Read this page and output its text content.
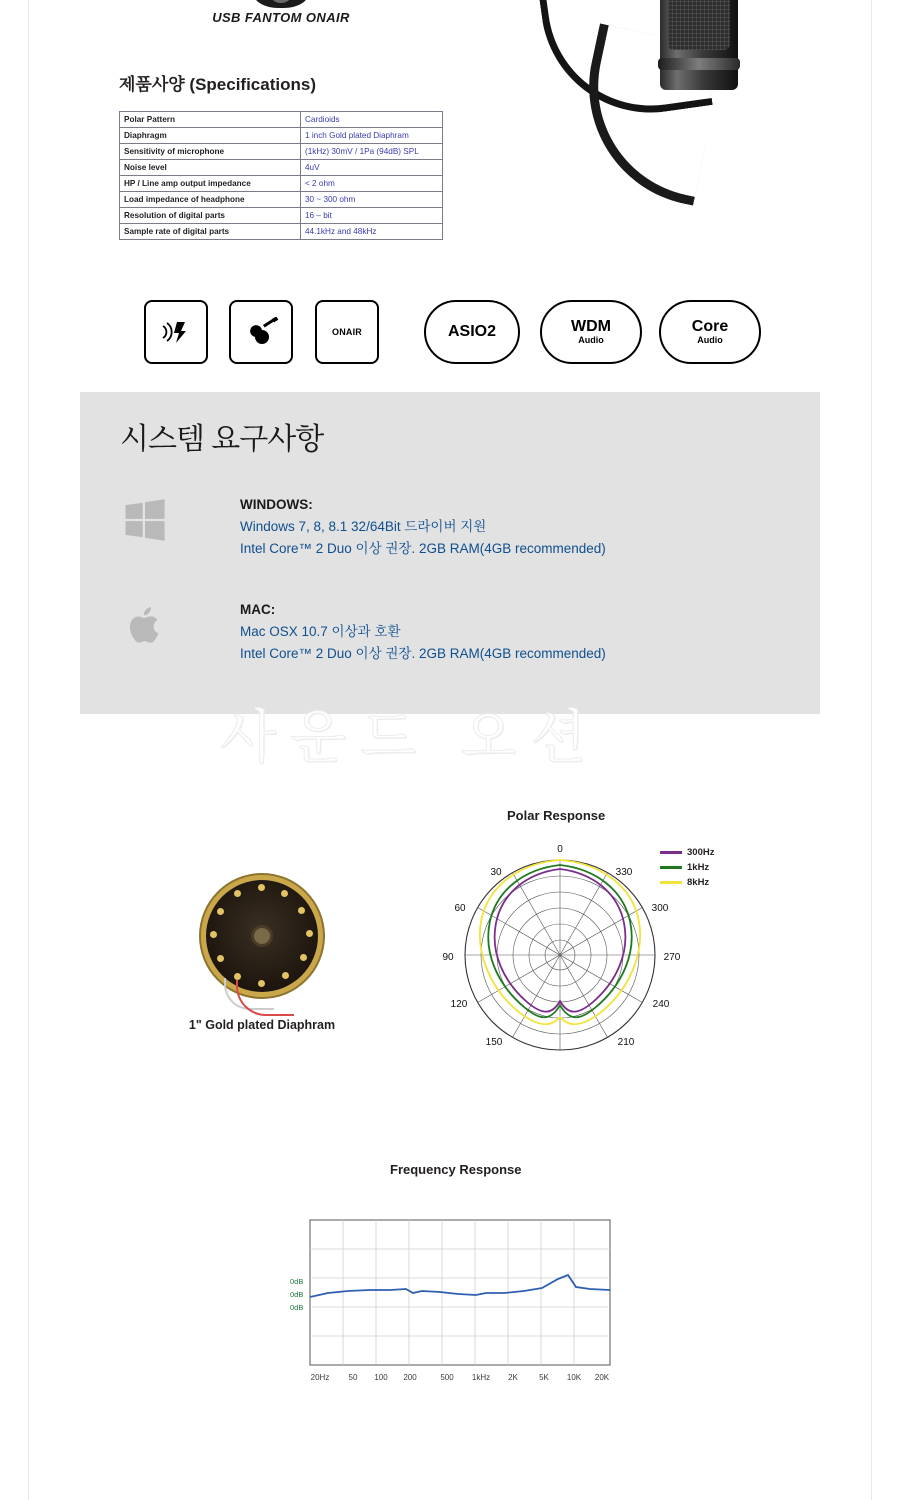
USB FANTOM ONAIR
제품사양 (Specifications)
Polar Pattern	Cardioids
Diaphragm	1 inch Gold plated Diaphram
Sensitivity of microphone	(1kHz) 30mV / 1Pa (94dB) SPL
Noise level	4uV
HP / Line amp output impedance	< 2 ohm
Load impedance of headphone	30 ~ 300 ohm
Resolution of digital parts	16 – bit
Sample rate of digital parts	44.1kHz and 48kHz
ONAIR	ASIO2	WDM
Audio
Core
Audio
시스템 요구사항
WINDOWS:
Windows 7, 8, 8.1 32/64Bit 드라이버 지원
Intel Core™ 2 Duo 이상 권장. 2GB RAM(4GB recommended)
MAC:
Mac OSX 10.7 이상과 호환
Intel Core™ 2 Duo 이상 권장. 2GB RAM(4GB recommended)
사운드 오션
Polar Response
1" Gold plated Diaphram
0
330
300
270
240
210
30
60
90
120
150
300Hz
1kHz
8kHz
Frequency Response
0dB
0dB
0dB
20Hz 50 100 200	500 1kHz 2K	5K 10K 20K
